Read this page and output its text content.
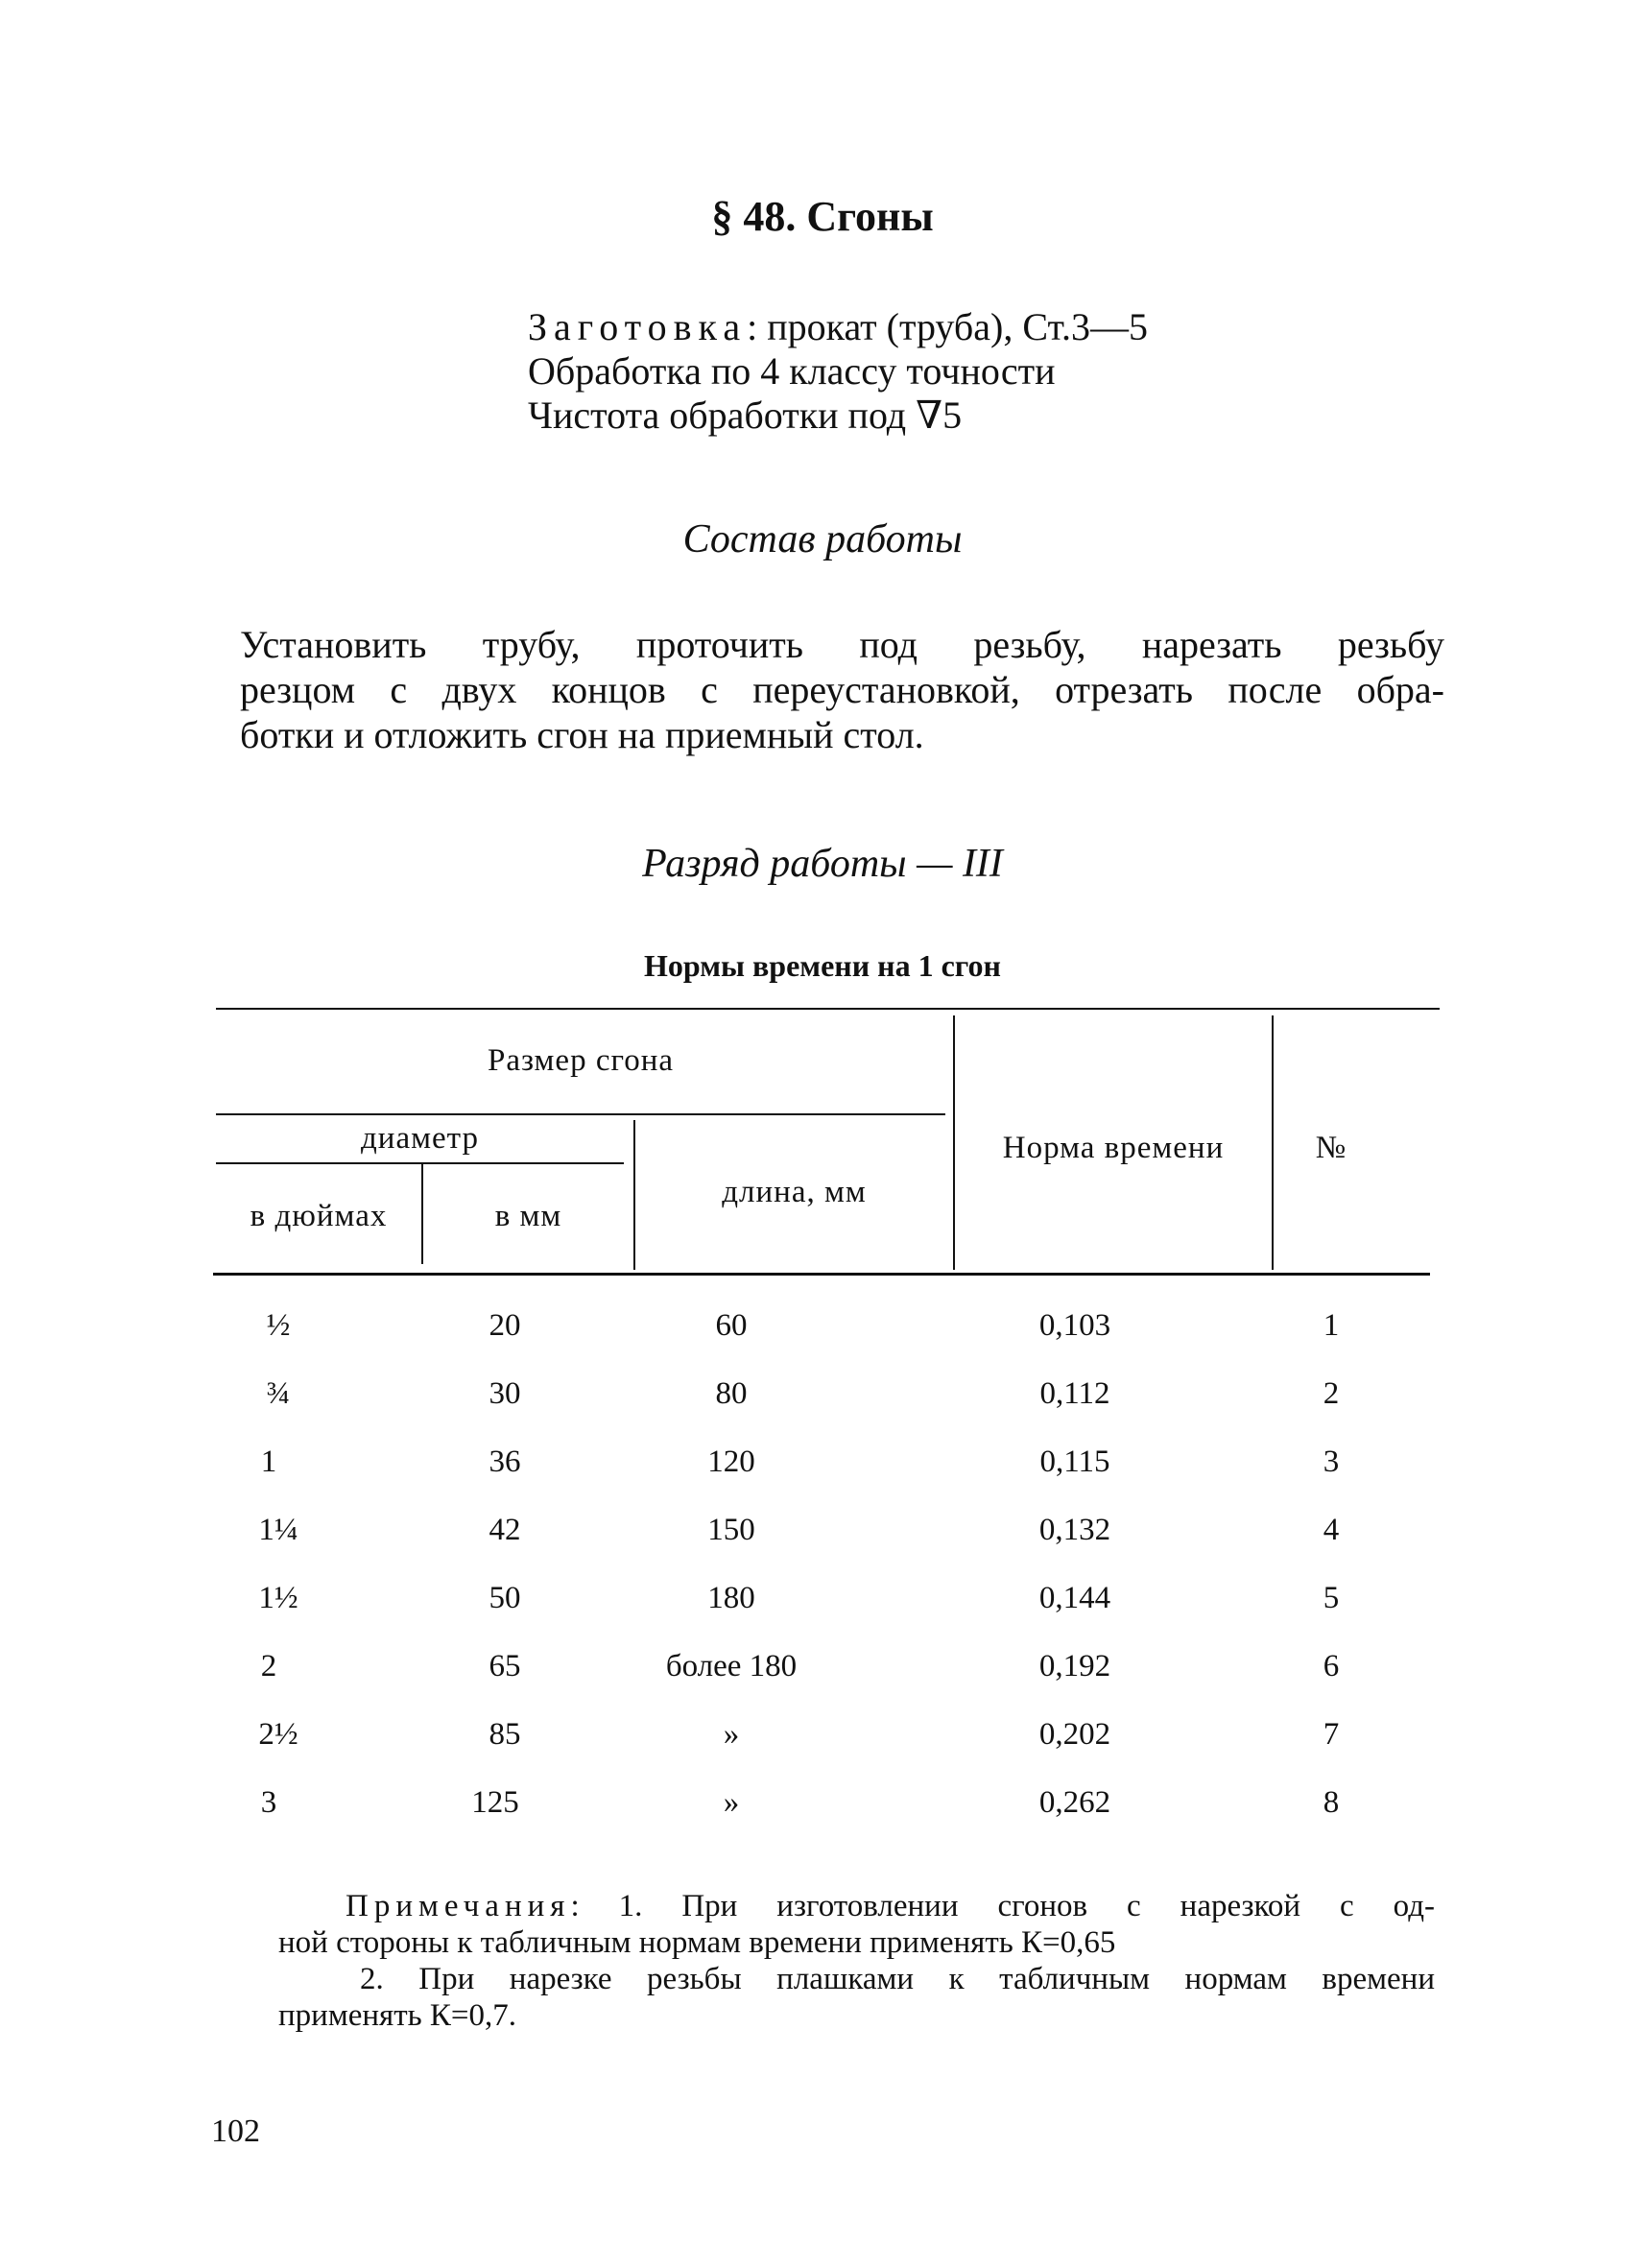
§ 48. Сгоны
Заготовка: прокат (труба), Ст.3—5
Обработка по 4 классу точности
Чистота обработки под ∇5
Состав работы
Установить трубу, проточить под резьбу, нарезать резьбу
резцом с двух концов с переустановкой, отрезать после обра-
ботки и отложить сгон на приемный стол.
Разряд работы — III
Нормы времени на 1 сгон
Размер сгона
диаметр
в дюймах	в мм
длина, мм
Норма времени	№
½	20	60	0,103	1
¾	30	80	0,112	2
1	36	120	0,115	3
1¼	42	150	0,132	4
1½	50	180	0,144	5
2	65	более 180	0,192	6
2½	85	»	0,202	7
3	125	»	0,262	8
Примечания: 1. При изготовлении сгонов с нарезкой с од-
ной стороны к табличным нормам времени применять К=0,65
2. При нарезке резьбы плашками к табличным нормам времени
применять К=0,7.
102
